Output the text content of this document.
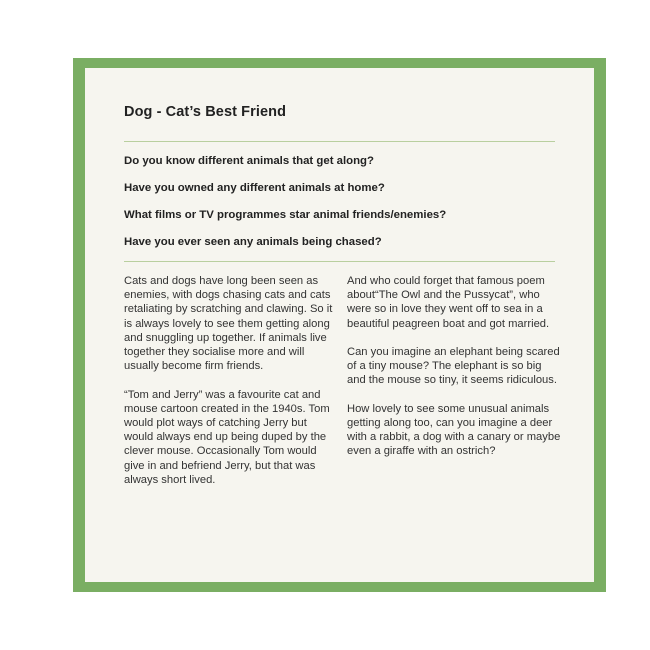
Dog - Cat’s Best Friend
Do you know different animals that get along?
Have you owned any different animals at home?
What films or TV programmes star animal friends/enemies?
Have you ever seen any animals being chased?

Cats and dogs have long been seen as enemies, with dogs chasing cats and cats retaliating by scratching and clawing. So it is always lovely to see them getting along and snuggling up together. If animals live together they socialise more and will usually become firm friends.

“Tom and Jerry” was a favourite cat and mouse cartoon created in the 1940s. Tom would plot ways of catching Jerry but would always end up being duped by the clever mouse. Occasionally Tom would give in and befriend Jerry, but that was always short lived.

And who could forget that famous poem about“The Owl and the Pussycat”, who were so in love they went off to sea in a beautiful peagreen boat and got married.

Can you imagine an elephant being scared of a tiny mouse? The elephant is so big and the mouse so tiny, it seems ridiculous.

How lovely to see some unusual animals getting along too, can you imagine a deer with a rabbit, a dog with a canary or maybe even a giraffe with an ostrich?
